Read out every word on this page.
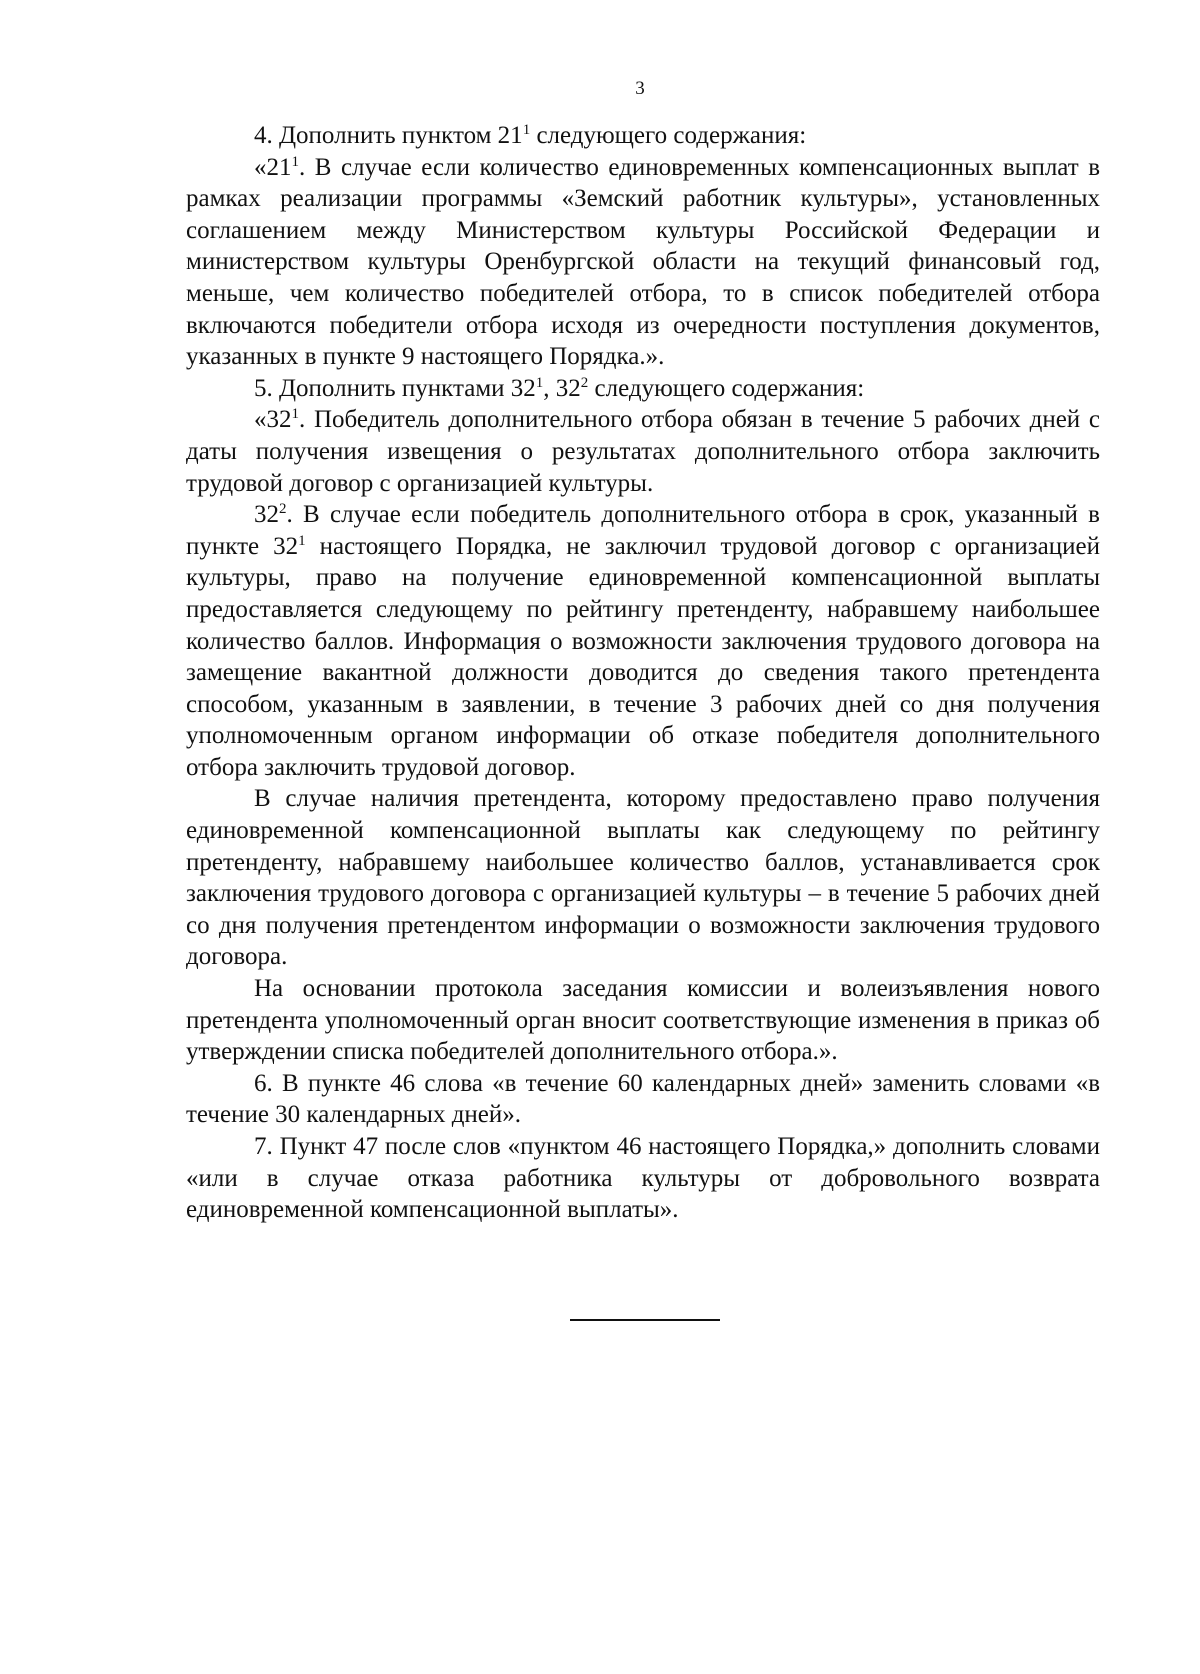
3

4. Дополнить пунктом $21^1$ следующего содержания:

«$21^1$. В случае если количество единовременных компенсационных выплат в рамках реализации программы «Земский работник культуры», установленных соглашением между Министерством культуры Российской Федерации и министерством культуры Оренбургской области на текущий финансовый год, меньше, чем количество победителей отбора, то в список победителей отбора включаются победители отбора исходя из очередности поступления документов, указанных в пункте 9 настоящего Порядка.».

5. Дополнить пунктами $32^1$, $32^2$ следующего содержания:

«$32^1$. Победитель дополнительного отбора обязан в течение 5 рабочих дней с даты получения извещения о результатах дополнительного отбора заключить трудовой договор с организацией культуры.

$32^2$. В случае если победитель дополнительного отбора в срок, указанный в пункте $32^1$ настоящего Порядка, не заключил трудовой договор с организацией культуры, право на получение единовременной компенсационной выплаты предоставляется следующему по рейтингу претенденту, набравшему наибольшее количество баллов. Информация о возможности заключения трудового договора на замещение вакантной должности доводится до сведения такого претендента способом, указанным в заявлении, в течение 3 рабочих дней со дня получения уполномоченным органом информации об отказе победителя дополнительного отбора заключить трудовой договор.

В случае наличия претендента, которому предоставлено право получения единовременной компенсационной выплаты как следующему по рейтингу претенденту, набравшему наибольшее количество баллов, устанавливается срок заключения трудового договора с организацией культуры – в течение 5 рабочих дней со дня получения претендентом информации о возможности заключения трудового договора.

На основании протокола заседания комиссии и волеизъявления нового претендента уполномоченный орган вносит соответствующие изменения в приказ об утверждении списка победителей дополнительного отбора.».

6. В пункте 46 слова «в течение 60 календарных дней» заменить словами «в течение 30 календарных дней».

7. Пункт 47 после слов «пунктом 46 настоящего Порядка,» дополнить словами «или в случае отказа работника культуры от добровольного возврата единовременной компенсационной выплаты».
